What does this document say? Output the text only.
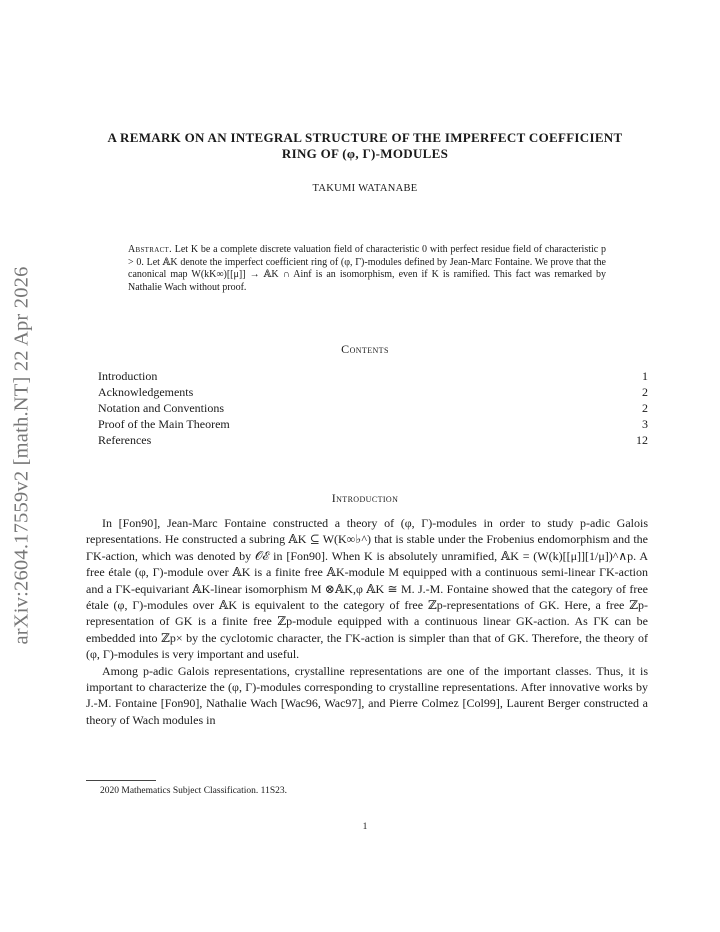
arXiv:2604.17559v2 [math.NT] 22 Apr 2026
A REMARK ON AN INTEGRAL STRUCTURE OF THE IMPERFECT COEFFICIENT RING OF (φ, Γ)-MODULES
TAKUMI WATANABE
Abstract. Let K be a complete discrete valuation field of characteristic 0 with perfect residue field of characteristic p > 0. Let 𝔸K denote the imperfect coefficient ring of (φ, Γ)-modules defined by Jean-Marc Fontaine. We prove that the canonical map W(kK∞)[[μ]] → 𝔸K ∩ Ainf is an isomorphism, even if K is ramified. This fact was remarked by Nathalie Wach without proof.
Contents
Introduction	1
Acknowledgements	2
Notation and Conventions	2
Proof of the Main Theorem	3
References	12
Introduction

In [Fon90], Jean-Marc Fontaine constructed a theory of (φ, Γ)-modules in order to study p-adic Galois representations. He constructed a subring 𝔸K ⊆ W(K∞♭^) that is stable under the Frobenius endomorphism and the ΓK-action, which was denoted by 𝒪ℰ in [Fon90]. When K is absolutely unramified, 𝔸K = (W(k)[[μ]][1/μ])^∧p. A free étale (φ, Γ)-module over 𝔸K is a finite free 𝔸K-module M equipped with a continuous semi-linear ΓK-action and a ΓK-equivariant 𝔸K-linear isomorphism M ⊗𝔸K,φ 𝔸K ≅ M. J.-M. Fontaine showed that the category of free étale (φ, Γ)-modules over 𝔸K is equivalent to the category of free ℤp-representations of GK. Here, a free ℤp-representation of GK is a finite free ℤp-module equipped with a continuous linear GK-action. As ΓK can be embedded into ℤp× by the cyclotomic character, the ΓK-action is simpler than that of GK. Therefore, the theory of (φ, Γ)-modules is very important and useful.

Among p-adic Galois representations, crystalline representations are one of the important classes. Thus, it is important to characterize the (φ, Γ)-modules corresponding to crystalline representations. After innovative works by J.-M. Fontaine [Fon90], Nathalie Wach [Wac96, Wac97], and Pierre Colmez [Col99], Laurent Berger constructed a theory of Wach modules in

2020 Mathematics Subject Classification. 11S23.
1
